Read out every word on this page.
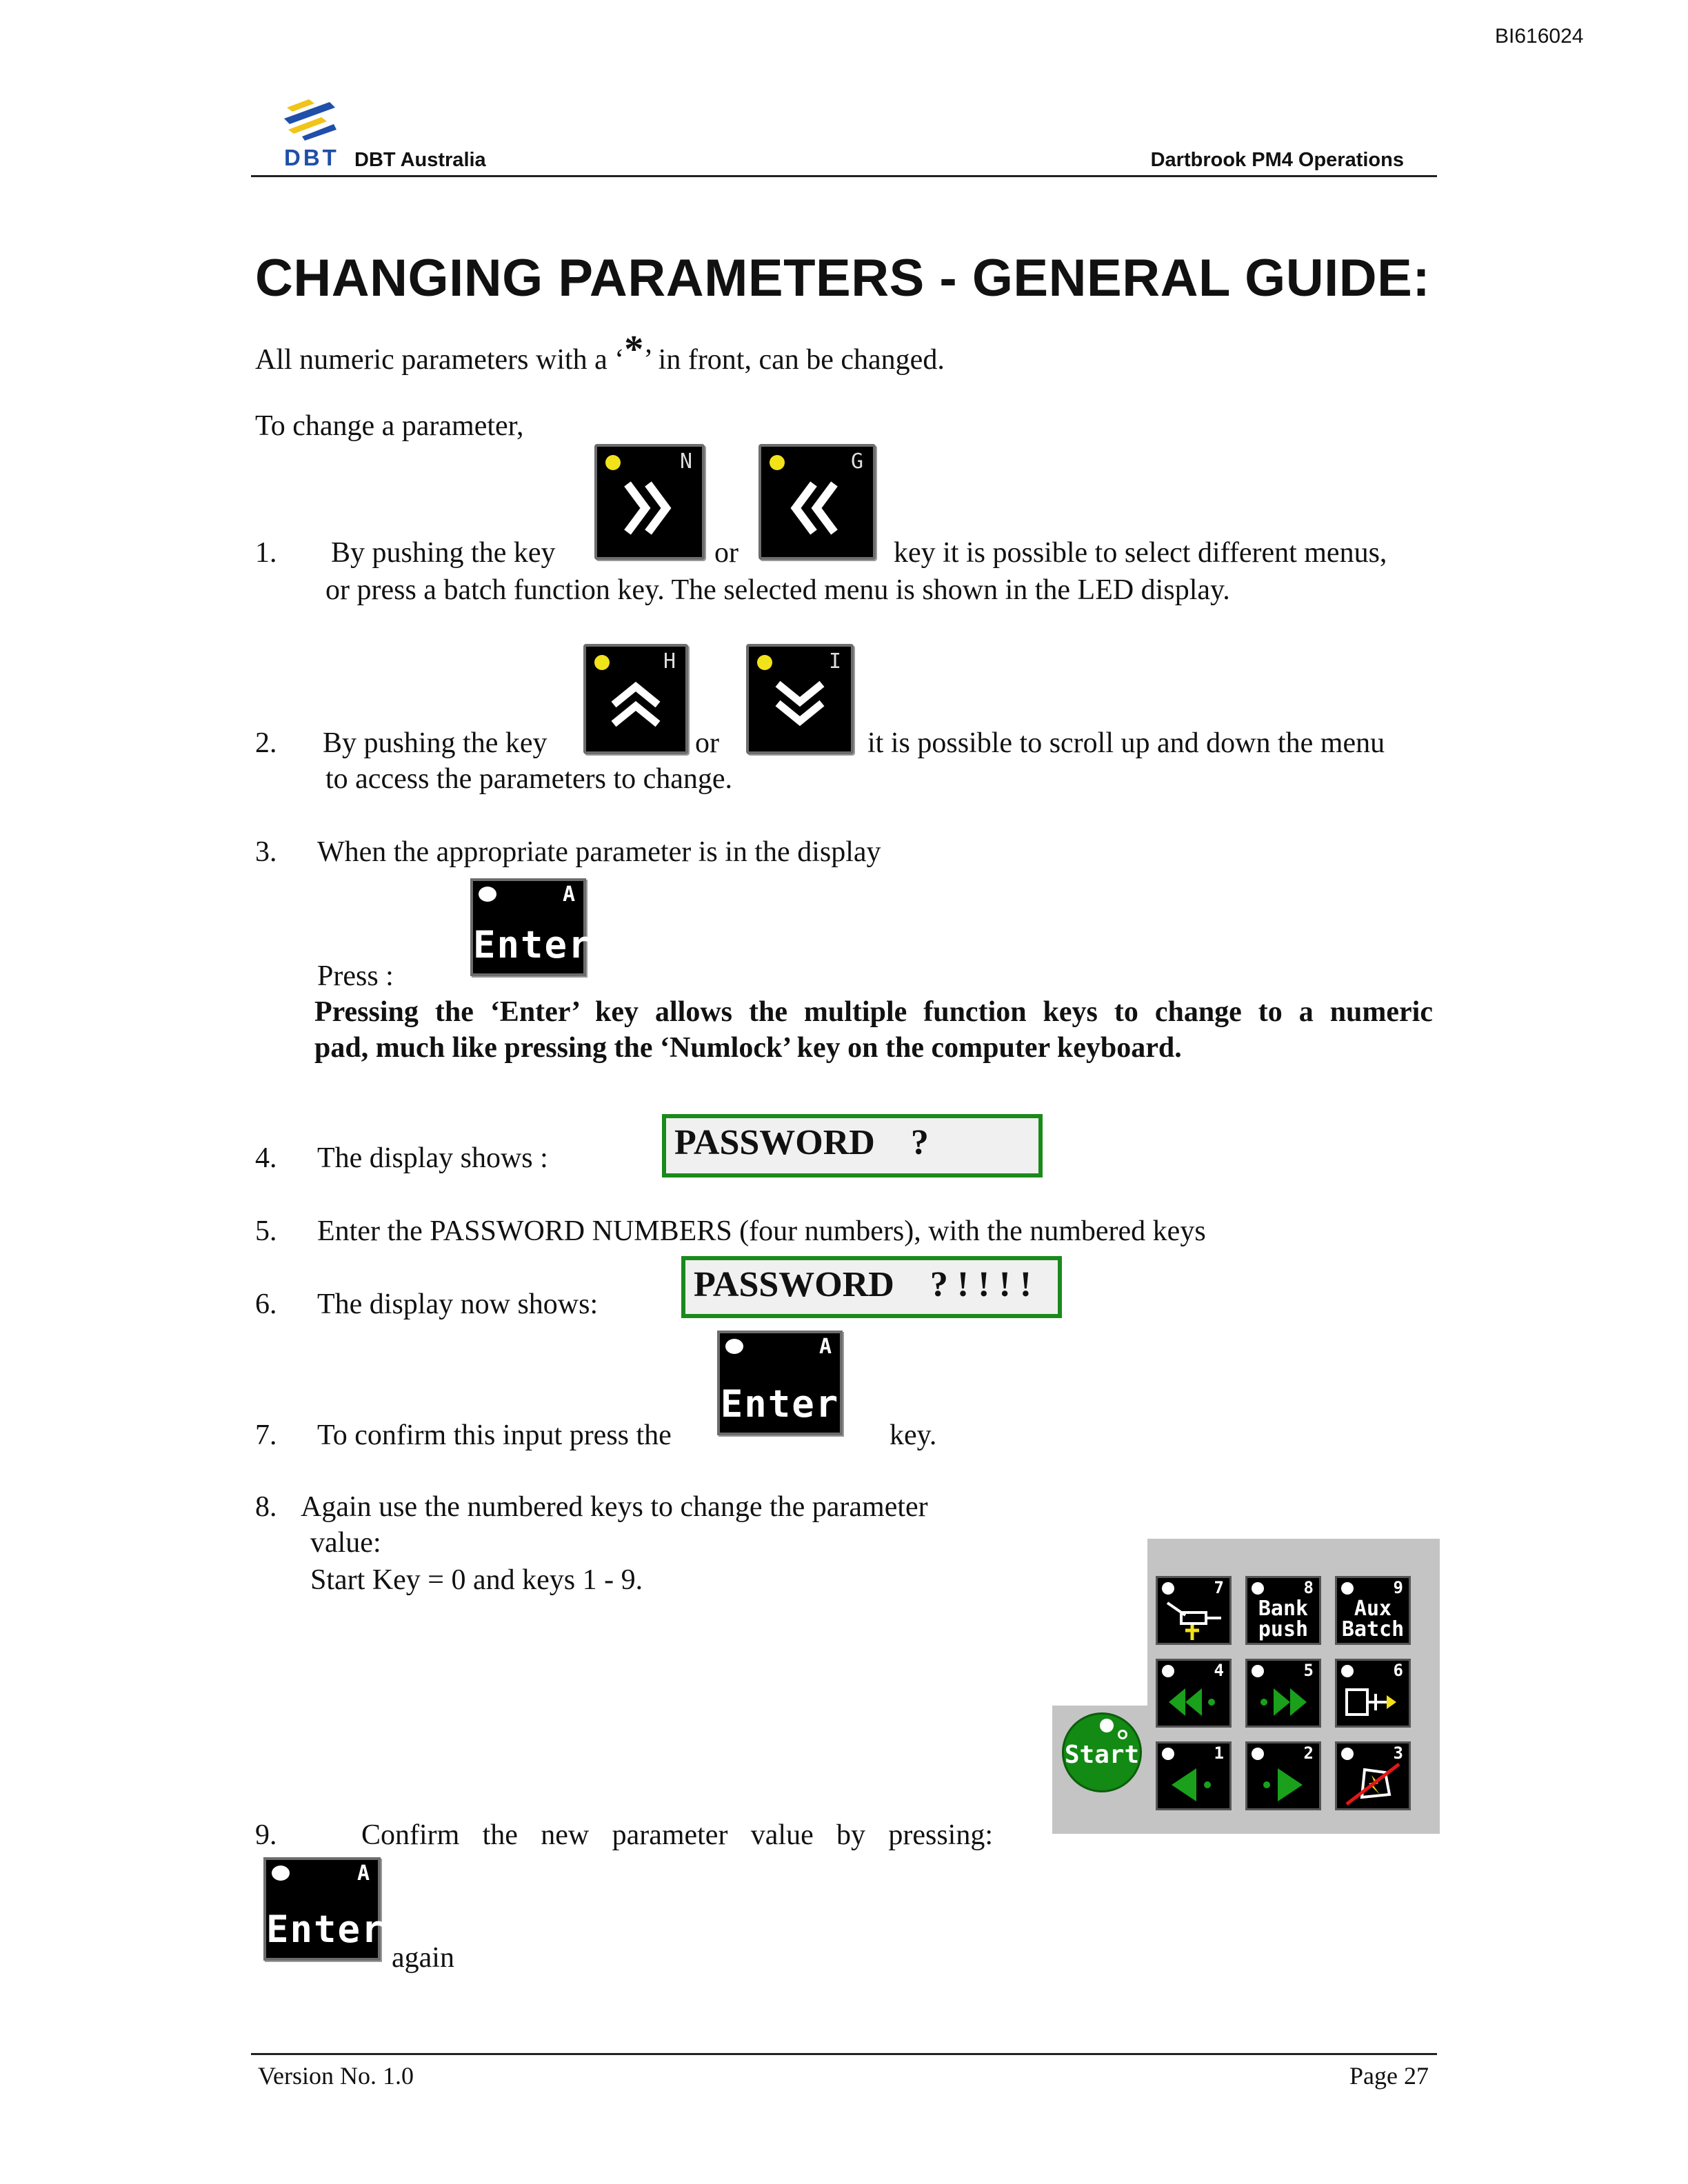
BI616024
DBT DBT Australia	Dartbrook PM4 Operations
CHANGING PARAMETERS - GENERAL GUIDE:
All numeric parameters with a ‘*’ in front, can be changed.
To change a parameter,
1. By pushing the key
N
or
G
key it is possible to select different menus,
or press a batch function key. The selected menu is shown in the LED display.
2. By pushing the key
H
or
I
it is possible to scroll up and down the menu
to access the parameters to change.
3. When the appropriate parameter is in the display
A
Enter
Press :
Pressing the ‘Enter’ key allows the multiple function keys to change to a numeric
pad, much like pressing the ‘Numlock’ key on the computer keyboard.
4. The display shows :	PASSWORD    ?
5. Enter the PASSWORD NUMBERS (four numbers), with the numbered keys
6. The display now shows:	PASSWORD    ? ! ! ! !
7. To confirm this input press the
A
Enter
key.
8. Again use the numbered keys to change the parameter
value:
Start Key = 0 and keys 1 - 9.
Start
7	8
Bank push
9
Aux Batch
4	5	6
1	2	3
9.	Confirm the new parameter value by pressing:
A
Enter
again
Version No. 1.0	Page 27
